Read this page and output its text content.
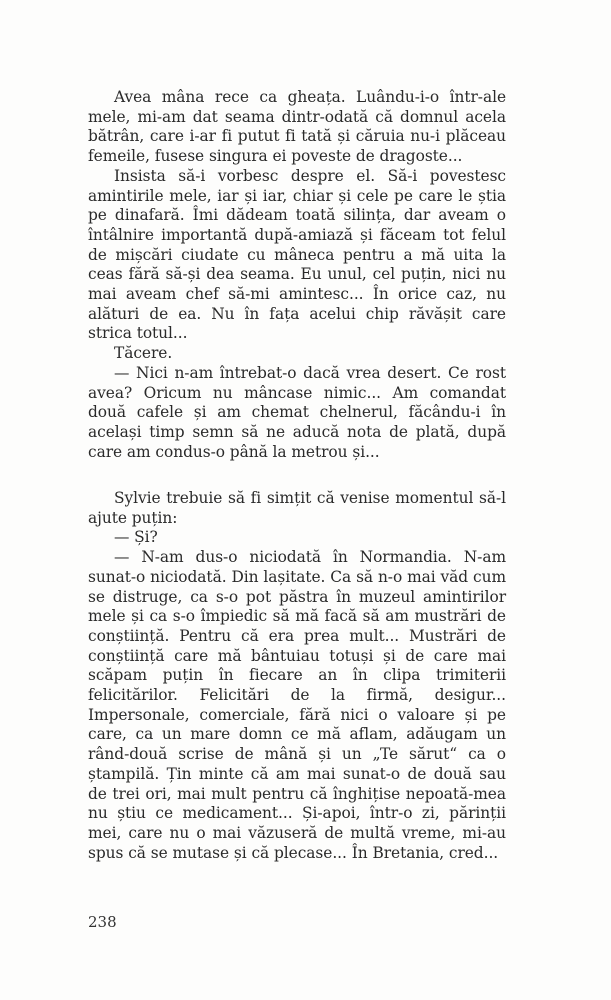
Avea mâna rece ca gheața. Luându-i-o într-ale mele, mi-am dat seama dintr-odată că domnul acela bătrân, care i-ar fi putut fi tată și căruia nu-i plăceau femeile, fusese singura ei poveste de dragoste...

Insista să-i vorbesc despre el. Să-i povestesc amintirile mele, iar și iar, chiar și cele pe care le știa pe dinafară. Îmi dădeam toată silința, dar aveam o întâlnire importantă după-amiază și făceam tot felul de mișcări ciudate cu mâneca pentru a mă uita la ceas fără să-și dea seama. Eu unul, cel puțin, nici nu mai aveam chef să-mi amintesc... În orice caz, nu alături de ea. Nu în fața acelui chip răvășit care strica totul...

Tăcere.

— Nici n-am întrebat-o dacă vrea desert. Ce rost avea? Oricum nu mâncase nimic... Am comandat două cafele și am chemat chelnerul, făcându-i în același timp semn să ne aducă nota de plată, după care am condus-o până la metrou și...

Sylvie trebuie să fi simțit că venise momentul să-l ajute puțin:

— Și?

— N-am dus-o niciodată în Normandia. N-am sunat-o niciodată. Din lașitate. Ca să n-o mai văd cum se distruge, ca s-o pot păstra în muzeul amintirilor mele și ca s-o împiedic să mă facă să am mustrări de conștiință. Pentru că era prea mult... Mustrări de conștiință care mă bântuiau totuși și de care mai scăpam puțin în fiecare an în clipa trimiterii felicitărilor. Felicitări de la firmă, desigur... Impersonale, comerciale, fără nici o valoare și pe care, ca un mare domn ce mă aflam, adăugam un rând-două scrise de mână și un „Te sărut“ ca o ștampilă. Țin minte că am mai sunat-o de două sau de trei ori, mai mult pentru că înghițise nepoată-mea nu știu ce medicament... Și-apoi, într-o zi, părinții mei, care nu o mai văzuseră de multă vreme, mi-au spus că se mutase și că plecase... În Bretania, cred...

238
